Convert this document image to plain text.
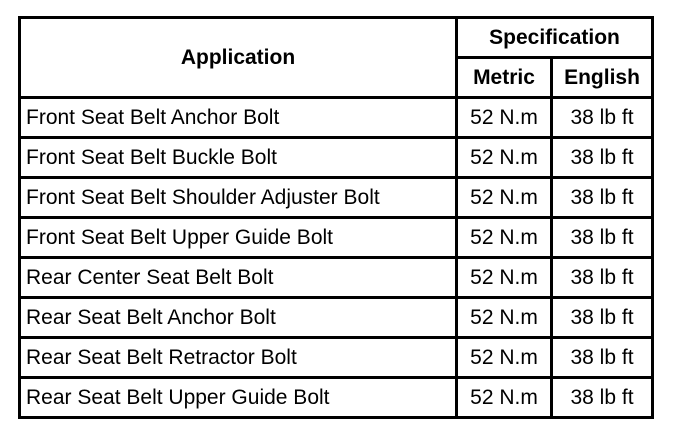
Application	Specification	
	Metric	English
Front Seat Belt Anchor Bolt	52 N.m	38 lb ft
Front Seat Belt Buckle Bolt	52 N.m	38 lb ft
Front Seat Belt Shoulder Adjuster Bolt	52 N.m	38 lb ft
Front Seat Belt Upper Guide Bolt	52 N.m	38 lb ft
Rear Center Seat Belt Bolt	52 N.m	38 lb ft
Rear Seat Belt Anchor Bolt	52 N.m	38 lb ft
Rear Seat Belt Retractor Bolt	52 N.m	38 lb ft
Rear Seat Belt Upper Guide Bolt	52 N.m	38 lb ft
